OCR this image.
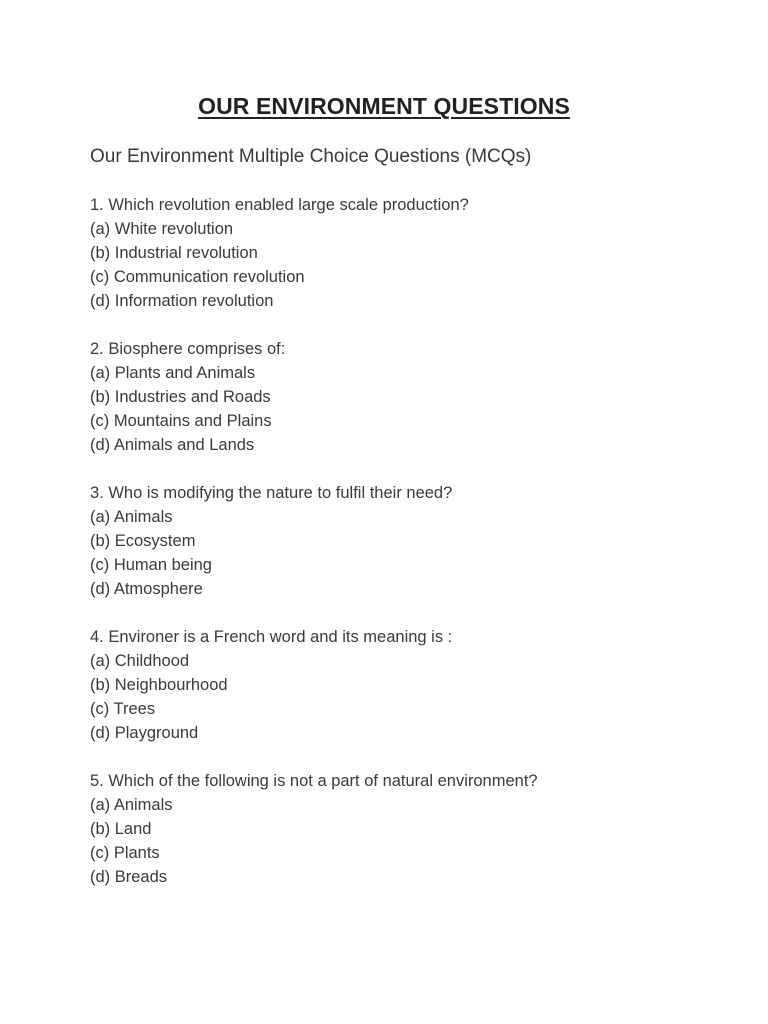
OUR ENVIRONMENT QUESTIONS
Our Environment Multiple Choice Questions (MCQs)
1. Which revolution enabled large scale production?
(a) White revolution
(b) Industrial revolution
(c) Communication revolution
(d) Information revolution
2. Biosphere comprises of:
(a) Plants and Animals
(b) Industries and Roads
(c) Mountains and Plains
(d) Animals and Lands
3. Who is modifying the nature to fulfil their need?
(a) Animals
(b) Ecosystem
(c) Human being
(d) Atmosphere
4. Environer is a French word and its meaning is :
(a) Childhood
(b) Neighbourhood
(c) Trees
(d) Playground
5. Which of the following is not a part of natural environment?
(a) Animals
(b) Land
(c) Plants
(d) Breads
